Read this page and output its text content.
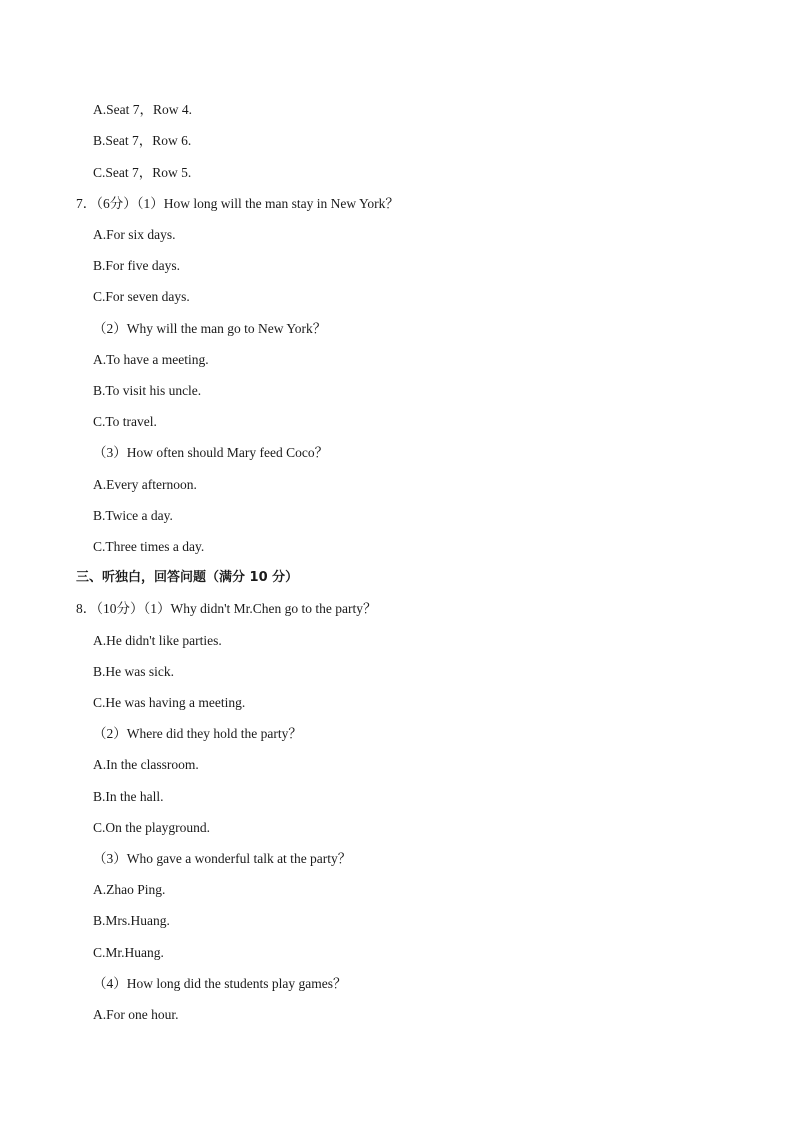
A.Seat 7，Row 4.
B.Seat 7，Row 6.
C.Seat 7，Row 5.
7．（6分）（1）How long will the man stay in New York？
A.For six days.
B.For five days.
C.For seven days.
（2）Why will the man go to New York？
A.To have a meeting.
B.To visit his uncle.
C.To travel.
（3）How often should Mary feed Coco？
A.Every afternoon.
B.Twice a day.
C.Three times a day.
三、听独白，回答问题（满分 10 分）
8．（10分）（1）Why didn't Mr.Chen go to the party？
A.He didn't like parties.
B.He was sick.
C.He was having a meeting.
（2）Where did they hold the party？
A.In the classroom.
B.In the hall.
C.On the playground.
（3）Who gave a wonderful talk at the party？
A.Zhao Ping.
B.Mrs.Huang.
C.Mr.Huang.
（4）How long did the students play games？
A.For one hour.
